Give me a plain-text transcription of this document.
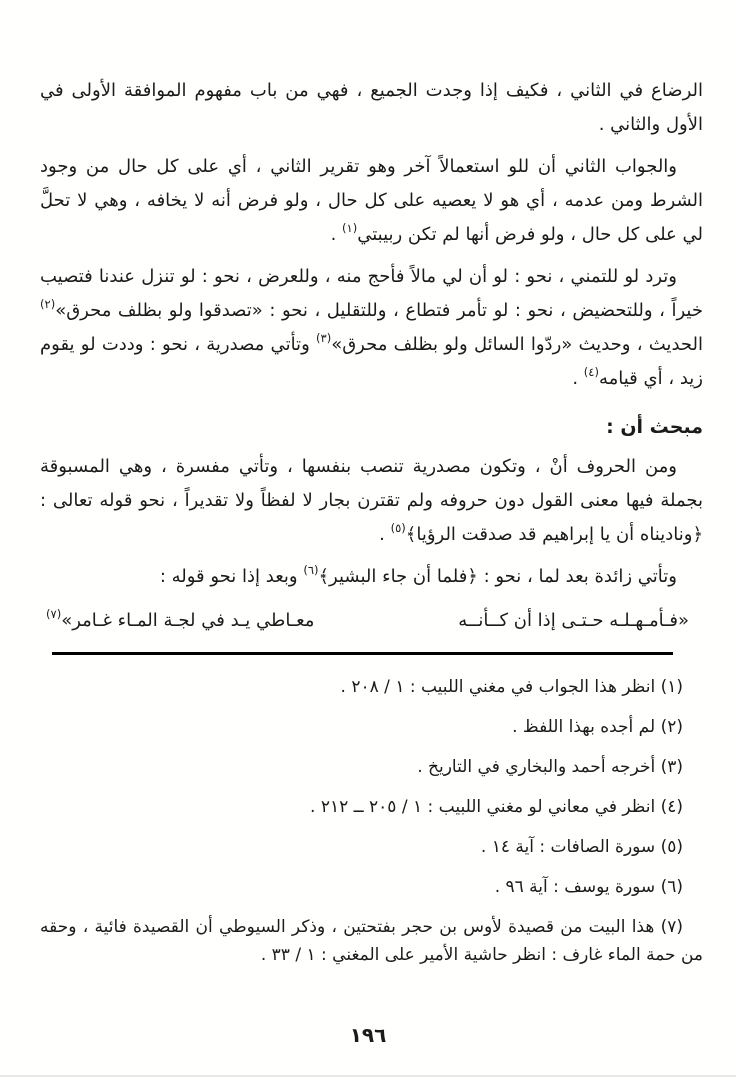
الرضاع في الثاني ، فكيف إذا وجدت الجميع ، فهي من باب مفهوم الموافقة الأولى في الأول والثاني .

والجواب الثاني أن للو استعمالاً آخر وهو تقرير الثاني ، أي على كل حال من وجود الشرط ومن عدمه ، أي هو لا يعصيه على كل حال ، ولو فرض أنه لا يخافه ، وهي لا تحلَّ لي على كل حال ، ولو فرض أنها لم تكن ربيبتي$^{(١)}$ .

وترد لو للتمني ، نحو : لو أن لي مالاً فأحج منه ، وللعرض ، نحو : لو تنزل عندنا فتصيب خيراً ، وللتحضيض ، نحو : لو تأمر فتطاع ، وللتقليل ، نحو : «تصدقوا ولو بظلف محرق»$^{(٢)}$ الحديث ، وحديث «ردّوا السائل ولو بظلف محرق»$^{(٣)}$ وتأتي مصدرية ، نحو : وددت لو يقوم زيد ، أي قيامه$^{(٤)}$ .

مبحث أن :

ومن الحروف أنْ ، وتكون مصدرية تنصب بنفسها ، وتأتي مفسرة ، وهي المسبوقة بجملة فيها معنى القول دون حروفه ولم تقترن بجار لا لفظاً ولا تقديراً ، نحو قوله تعالى : ﴿وناديناه أن يا إبراهيم قد صدقت الرؤيا﴾$^{(٥)}$ .

وتأتي زائدة بعد لما ، نحو : ﴿فلما أن جاء البشير﴾$^{(٦)}$ وبعد إذا نحو قوله :

«فـأمـهـلـه حـتـى إذا أن كــأنــه
معـاطي يـد في لجـة المـاء غـامر»$^{(٧)}$

(١) انظر هذا الجواب في مغني اللبيب : ١ / ٢٠٨ .

(٢) لم أجده بهذا اللفظ .

(٣) أخرجه أحمد والبخاري في التاريخ .

(٤) انظر في معاني لو مغني اللبيب : ١ / ٢٠٥ ــ ٢١٢ .

(٥) سورة الصافات : آية ١٤ .

(٦) سورة يوسف : آية ٩٦ .

(٧) هذا البيت من قصيدة لأوس بن حجر بفتحتين ، وذكر السيوطي أن القصيدة فائية ، وحقه من حمة الماء غارف : انظر حاشية الأمير على المغني : ١ / ٣٣ .

١٩٦
